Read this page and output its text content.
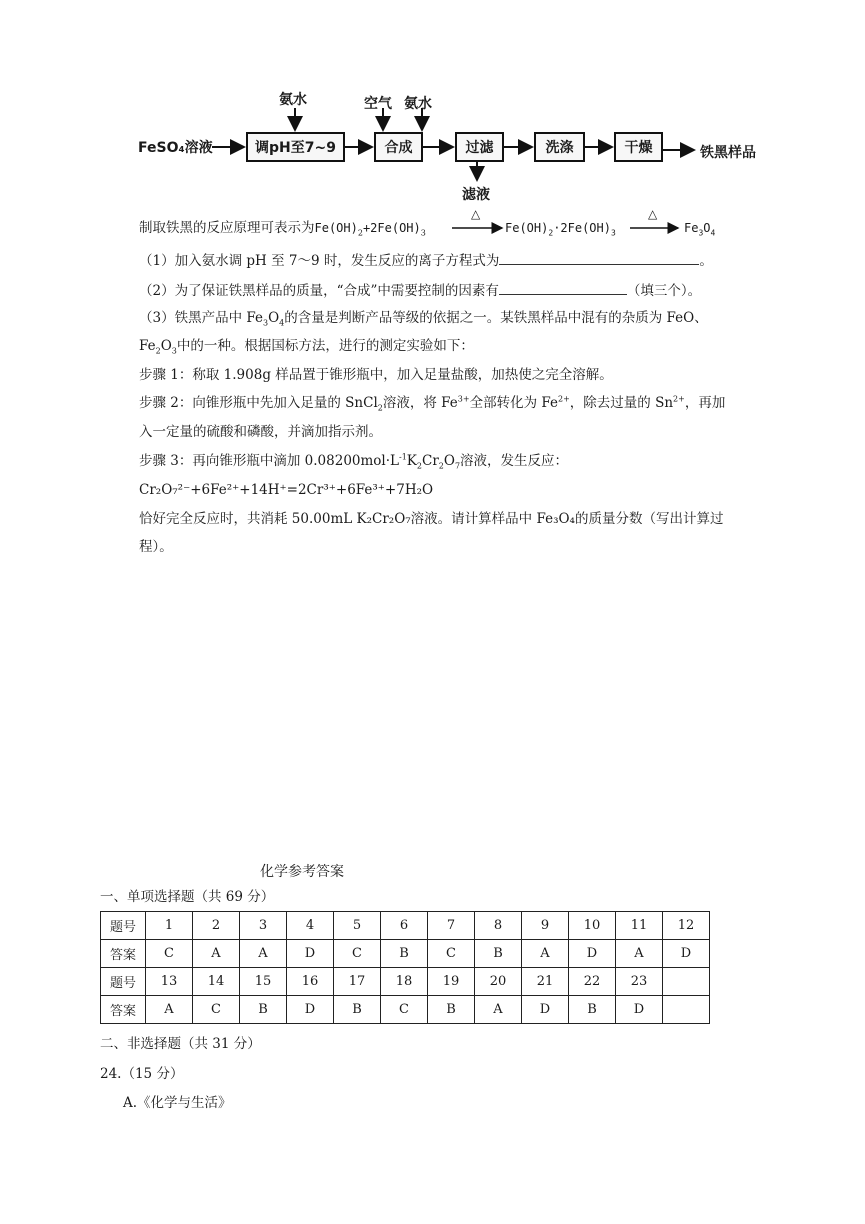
FeSO₄溶液
氨水	空气 氨水
调pH至7~9	合成	过滤	洗涤	干燥
滤液
铁黑样品
制取铁黑的反应原理可表示为$Fe(OH)_2+2Fe(OH)_3$
△	△
$Fe(OH)_2\cdot 2Fe(OH)_3$	$Fe_3O_4$
（1）加入氨水调 pH 至 7～9 时，发生反应的离子方程式为	。
（2）为了保证铁黑样品的质量，“合成”中需要控制的因素有	（填三个）。
（3）铁黑产品中 $Fe_3O_4$的含量是判断产品等级的依据之一。某铁黑样品中混有的杂质为 FeO、
$Fe_2O_3$中的一种。根据国标方法，进行的测定实验如下：
步骤 1：称取 1.908g 样品置于锥形瓶中，加入足量盐酸，加热使之完全溶解。
步骤 2：向锥形瓶中先加入足量的 SnCl$_2$溶液，将 $Fe^{3+}$全部转化为 $Fe^{2+}$，除去过量的 $Sn^{2+}$，再加
入一定量的硫酸和磷酸，并滴加指示剂。
步骤 3：再向锥形瓶中滴加 $0.08200mol\cdot L^{-1}K_2Cr_2O_7$溶液，发生反应：
Cr₂O₇²⁻+6Fe²⁺+14H⁺=2Cr³⁺+6Fe³⁺+7H₂O
恰好完全反应时，共消耗 50.00mL K₂Cr₂O₇溶液。请计算样品中 Fe₃O₄的质量分数（写出计算过
程）。
化学参考答案
一、单项选择题（共 69 分）
题号	1	2	3	4	5	6	7	8	9	10	11	12
答案	C	A	A	D	C	B	C	B	A	D	A	D
题号	13	14	15	16	17	18	19	20	21	22	23	
答案	A	C	B	D	B	C	B	A	D	B	D	
二、非选择题（共 31 分）
24.（15 分）
A.《化学与生活》
